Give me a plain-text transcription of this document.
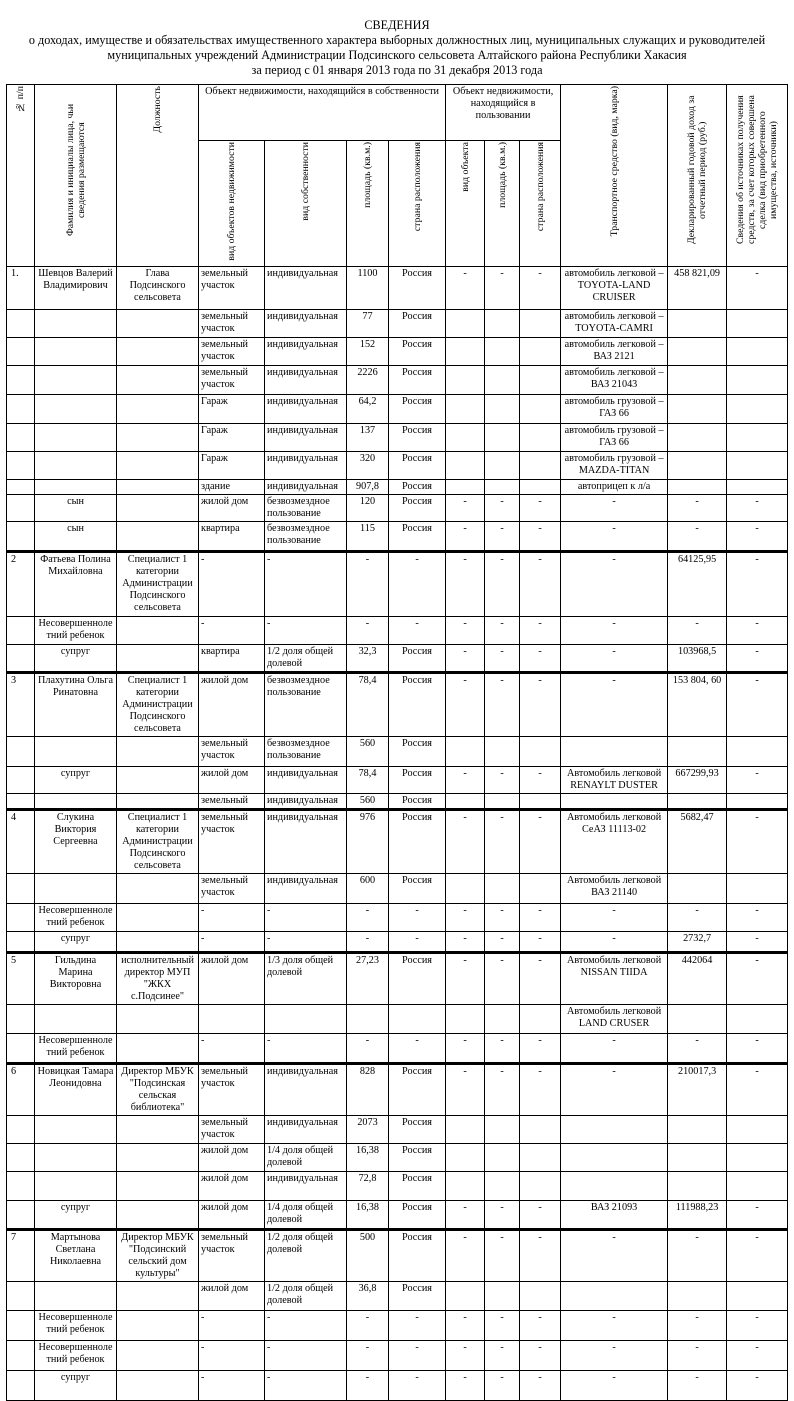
СВЕДЕНИЯ
о доходах, имуществе и обязательствах имущественного характера выборных должностных лиц, муниципальных служащих и руководителей
муниципальных учреждений Администрации Подсинского сельсовета Алтайского района Республики Хакасия
за период с 01 января 2013 года по 31 декабря 2013 года
№ п/п	Фамилия и инициалы лица, чьи сведения размещаются	Должность	Объект недвижимости, находящийся в собственности				Объект недвижимости, находящийся в пользовании			Транспортное средство (вид, марка)	Декларированный годовой доход за отчетный период (руб.)	Сведения об источниках получения средств, за счет которых совершена сделка (вид приобретенного имущества, источники)
			вид объектов недвижимости	вид собственности	площадь (кв.м.)	страна расположения	вид объекта	площадь (кв.м.)	страна расположения			
1.	Шевцов Валерий Владимирович	Глава Подсинского сельсовета	земельный участок	индивидуальная	1100	Россия	-	-	-	автомобиль легковой – TOYOTA-LAND CRUISER	458 821,09	-
			земельный участок	индивидуальная	77	Россия				автомобиль легковой – TOYOTA-CAMRI		
			земельный участок	индивидуальная	152	Россия				автомобиль легковой – ВАЗ 2121		
			земельный участок	индивидуальная	2226	Россия				автомобиль легковой – ВАЗ 21043		
			Гараж	индивидуальная	64,2	Россия				автомобиль грузовой – ГАЗ 66		
			Гараж	индивидуальная	137	Россия				автомобиль грузовой – ГАЗ 66		
			Гараж	индивидуальная	320	Россия				автомобиль грузовой – MAZDA-TITAN		
			здание	индивидуальная	907,8	Россия				автоприцеп к л/а		
	сын		жилой дом	безвозмездное пользование	120	Россия	-	-	-	-	-	-
	сын		квартира	безвозмездное пользование	115	Россия	-	-	-	-	-	-
2	Фатьева Полина Михайловна	Специалист 1 категории Администрации Подсинского сельсовета	-	-	-	-	-	-	-	-	64125,95	-
	Несовершенноле тний ребенок		-	-	-	-	-	-	-	-	-	-
	супруг		квартира	1/2 доля общей долевой	32,3	Россия	-	-	-	-	103968,5	-
3	Плахутина Ольга Ринатовна	Специалист 1 категории Администрации Подсинского сельсовета	жилой дом	безвозмездное пользование	78,4	Россия	-	-	-	-	153 804, 60	-
			земельный участок	безвозмездное пользование	560	Россия						
	супруг		жилой дом	индивидуальная	78,4	Россия	-	-	-	Автомобиль легковой RENAYLT DUSTER	667299,93	-
			земельный	индивидуальная	560	Россия						
4	Слукина Виктория Сергеевна	Специалист 1 категории Администрации Подсинского сельсовета	земельный участок	индивидуальная	976	Россия	-	-	-	Автомобиль легковой СеАЗ 11113-02	5682,47	-
			земельный участок	индивидуальная	600	Россия				Автомобиль легковой ВАЗ 21140		
	Несовершенноле тний ребенок		-	-	-	-	-	-	-	-	-	-
	супруг		-	-	-	-	-	-	-	-	2732,7	-
5	Гильдина Марина Викторовна	исполнительный директор МУП "ЖКХ с.Подсинее"	жилой дом	1/3 доля общей долевой	27,23	Россия	-	-	-	Автомобиль легковой NISSAN TIIDA	442064	-
										Автомобиль легковой LAND CRUSER		
	Несовершенноле тний ребенок		-	-	-	-	-	-	-	-	-	-
6	Новицкая Тамара Леонидовна	Директор МБУК "Подсинская сельская библиотека"	земельный участок	индивидуальная	828	Россия	-	-	-	-	210017,3	-
			земельный участок	индивидуальная	2073	Россия						
			жилой дом	1/4 доля общей долевой	16,38	Россия						
			жилой дом	индивидуальная	72,8	Россия						
	супруг		жилой дом	1/4 доля общей долевой	16,38	Россия	-	-	-	ВАЗ 21093	111988,23	-
7	Мартынова Светлана Николаевна	Директор МБУК "Подсинский сельский дом культуры"	земельный участок	1/2 доля общей долевой	500	Россия	-	-	-	-	-	-
			жилой дом	1/2 доля общей долевой	36,8	Россия						
	Несовершенноле тний ребенок		-	-	-	-	-	-	-	-	-	-
	Несовершенноле тний ребенок		-	-	-	-	-	-	-	-	-	-
	супруг		-	-	-	-	-	-	-	-	-	-
